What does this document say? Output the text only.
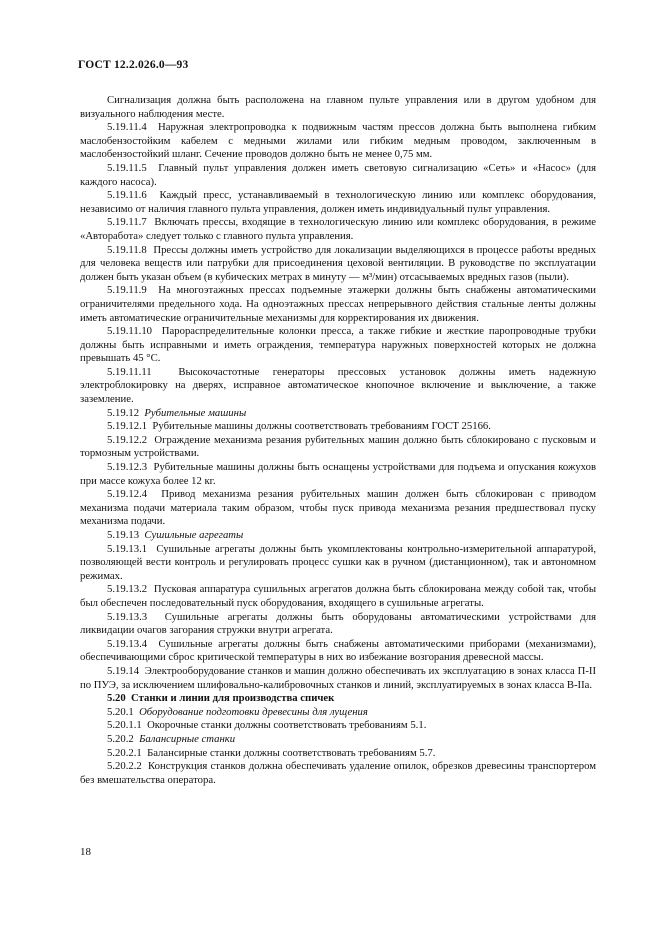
ГОСТ 12.2.026.0—93

Сигнализация должна быть расположена на главном пульте управления или в другом удобном для визуального наблюдения месте.

5.19.11.4 Наружная электропроводка к подвижным частям прессов должна быть выполнена гибким маслобензостойким кабелем с медными жилами или гибким медным проводом, заключенным в маслобензостойкий шланг. Сечение проводов должно быть не менее 0,75 мм.

5.19.11.5 Главный пульт управления должен иметь световую сигнализацию «Сеть» и «Насос» (для каждого насоса).

5.19.11.6 Каждый пресс, устанавливаемый в технологическую линию или комплекс оборудования, независимо от наличия главного пульта управления, должен иметь индивидуальный пульт управления.

5.19.11.7 Включать прессы, входящие в технологическую линию или комплекс оборудования, в режиме «Авторабота» следует только с главного пульта управления.

5.19.11.8 Прессы должны иметь устройство для локализации выделяющихся в процессе работы вредных для человека веществ или патрубки для присоединения цеховой вентиляции. В руководстве по эксплуатации должен быть указан объем (в кубических метрах в минуту — м³/мин) отсасываемых вредных газов (пыли).

5.19.11.9 На многоэтажных прессах подъемные этажерки должны быть снабжены автоматическими ограничителями предельного хода. На одноэтажных прессах непрерывного действия стальные ленты должны иметь автоматические ограничительные механизмы для корректирования их движения.

5.19.11.10 Парораспределительные колонки пресса, а также гибкие и жесткие паропроводные трубки должны быть исправными и иметь ограждения, температура наружных поверхностей которых не должна превышать 45 °С.

5.19.11.11 Высокочастотные генераторы прессовых установок должны иметь надежную электроблокировку на дверях, исправное автоматическое кнопочное включение и выключение, а также заземление.

5.19.12 Рубительные машины

5.19.12.1 Рубительные машины должны соответствовать требованиям ГОСТ 25166.

5.19.12.2 Ограждение механизма резания рубительных машин должно быть сблокировано с пусковым и тормозным устройствами.

5.19.12.3 Рубительные машины должны быть оснащены устройствами для подъема и опускания кожухов при массе кожуха более 12 кг.

5.19.12.4 Привод механизма резания рубительных машин должен быть сблокирован с приводом механизма подачи материала таким образом, чтобы пуск привода механизма резания предшествовал пуску механизма подачи.

5.19.13 Сушильные агрегаты

5.19.13.1 Сушильные агрегаты должны быть укомплектованы контрольно-измерительной аппаратурой, позволяющей вести контроль и регулировать процесс сушки как в ручном (дистанционном), так и автономном режимах.

5.19.13.2 Пусковая аппаратура сушильных агрегатов должна быть сблокирована между собой так, чтобы был обеспечен последовательный пуск оборудования, входящего в сушильные агрегаты.

5.19.13.3 Сушильные агрегаты должны быть оборудованы автоматическими устройствами для ликвидации очагов загорания стружки внутри агрегата.

5.19.13.4 Сушильные агрегаты должны быть снабжены автоматическими приборами (механизмами), обеспечивающими сброс критической температуры в них во избежание возгорания древесной массы.

5.19.14 Электрооборудование станков и машин должно обеспечивать их эксплуатацию в зонах класса П-II по ПУЭ, за исключением шлифовально-калибровочных станков и линий, эксплуатируемых в зонах класса В-IIа.

5.20 Станки и линии для производства спичек

5.20.1 Оборудование подготовки древесины для лущения

5.20.1.1 Окорочные станки должны соответствовать требованиям 5.1.

5.20.2 Балансирные станки

5.20.2.1 Балансирные станки должны соответствовать требованиям 5.7.

5.20.2.2 Конструкция станков должна обеспечивать удаление опилок, обрезков древесины транспортером без вмешательства оператора.

18
